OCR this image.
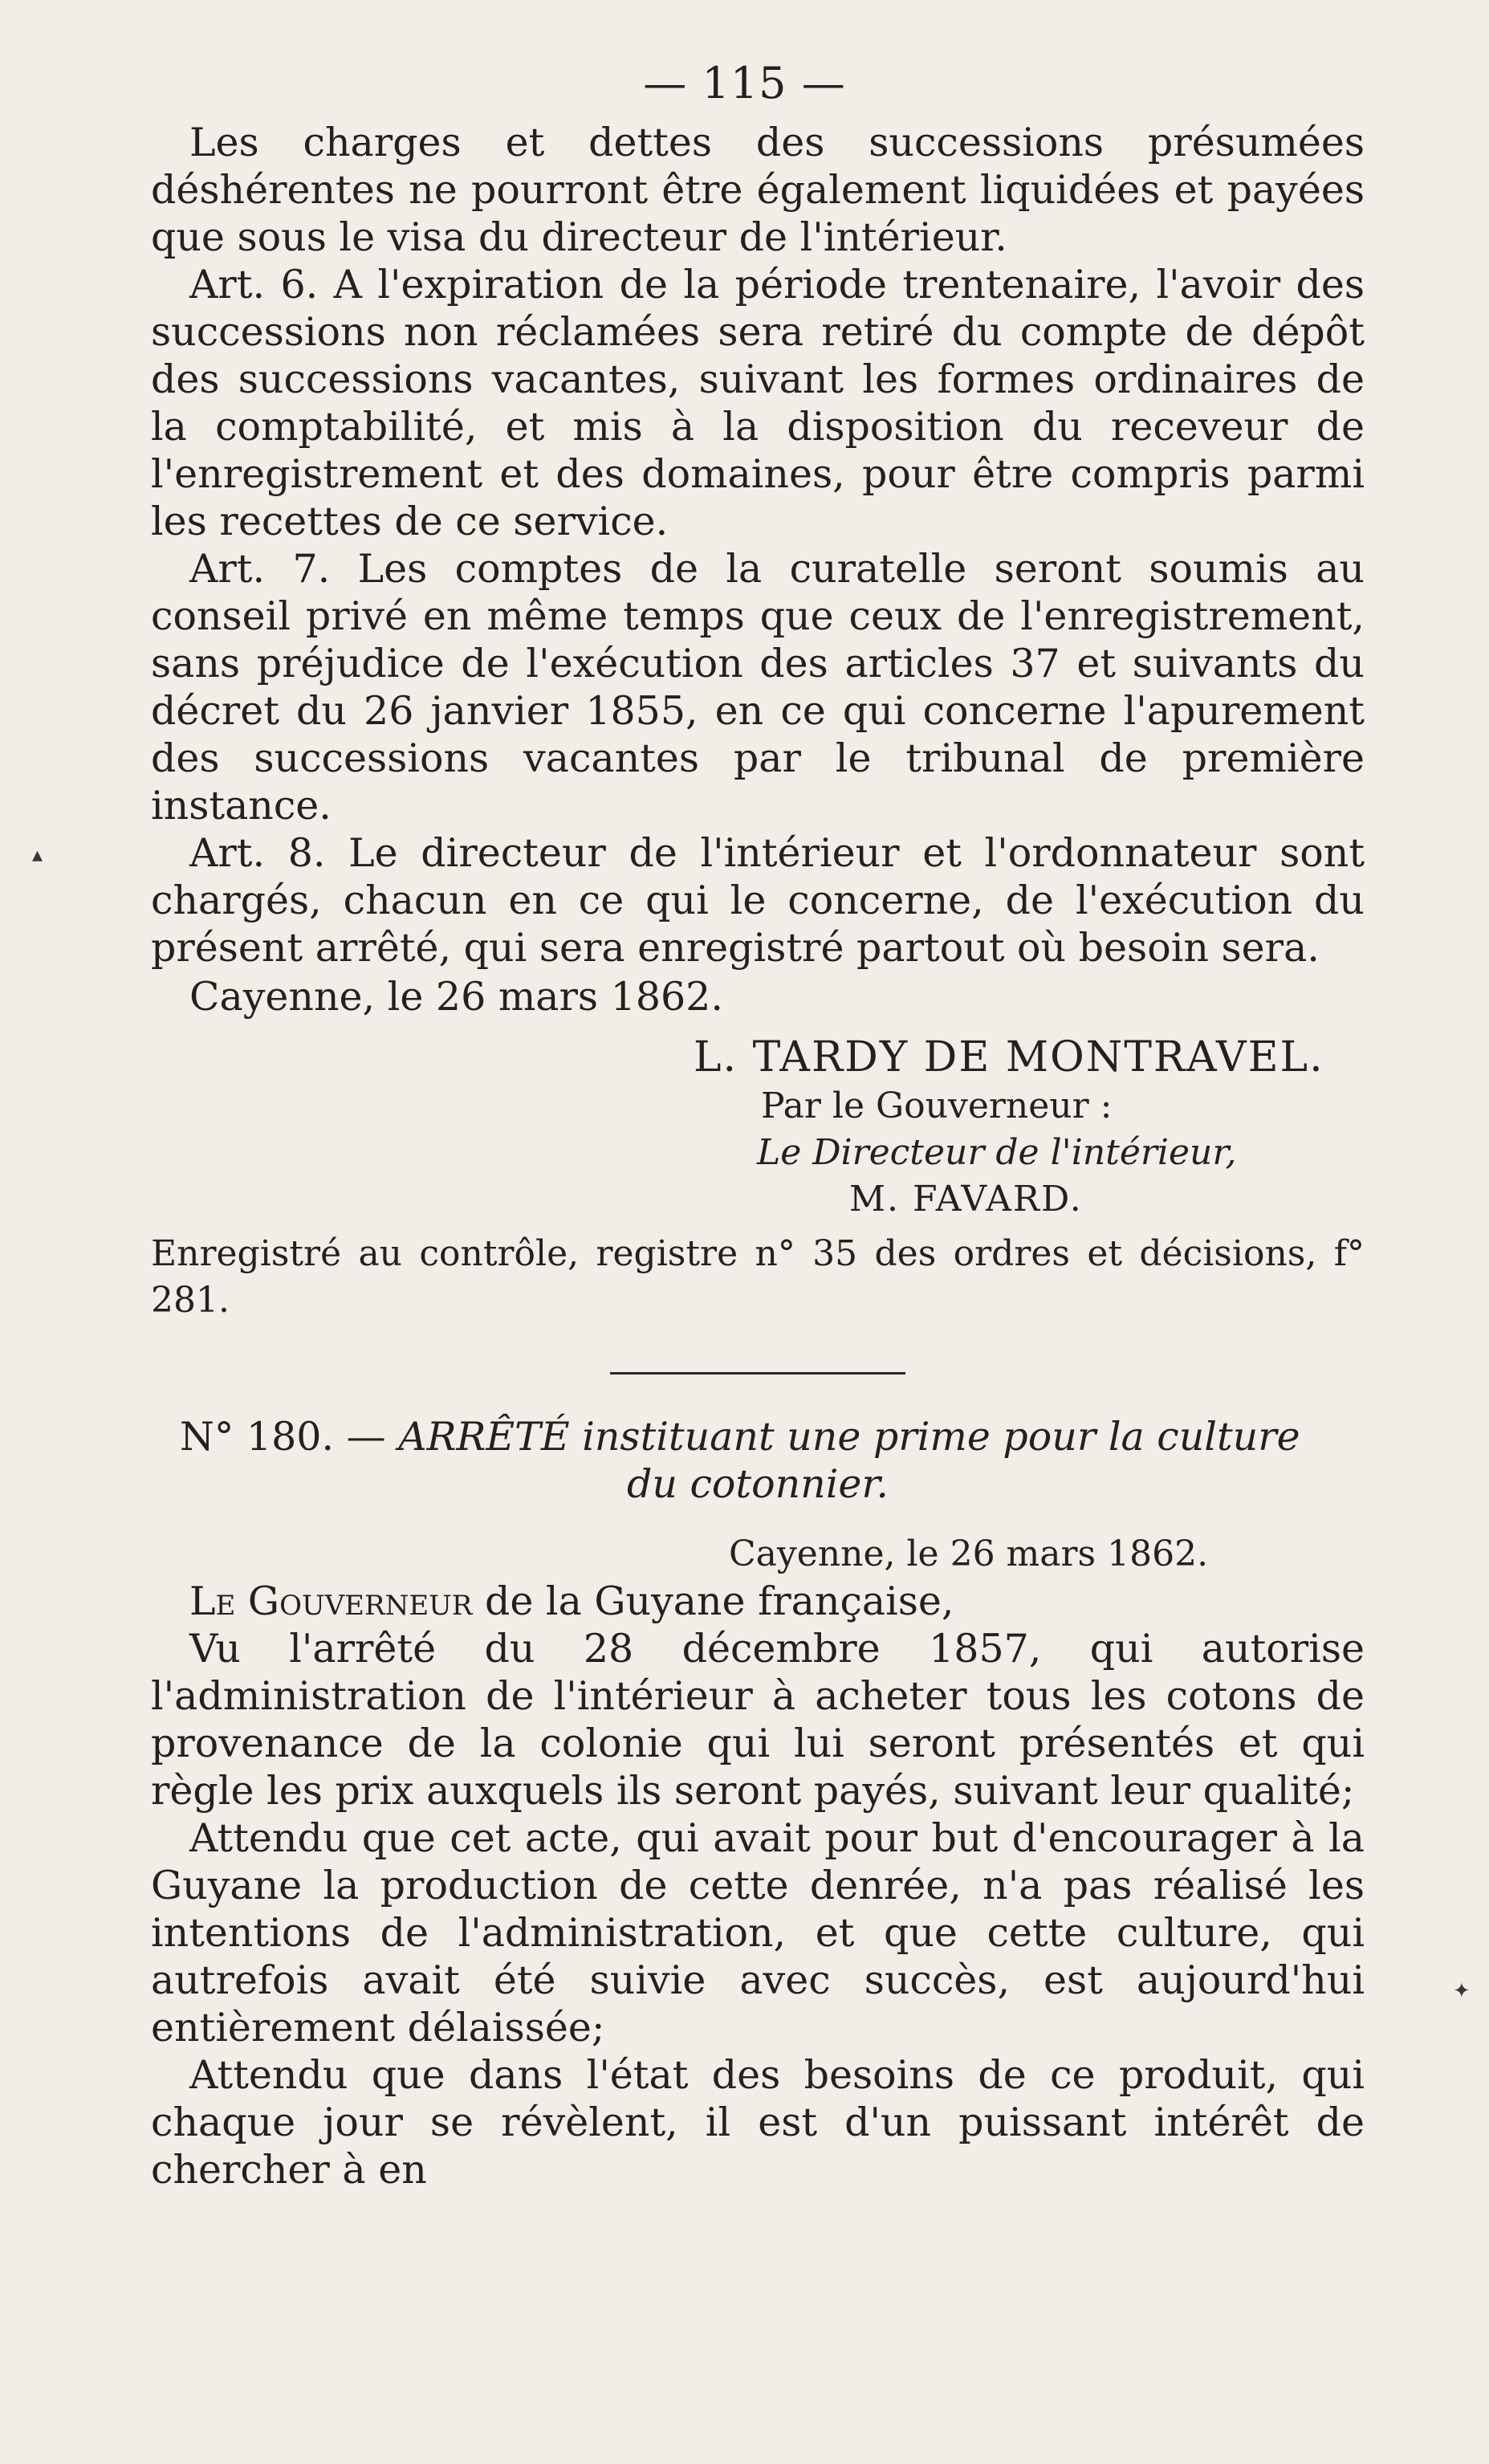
— 115 —

Les charges et dettes des successions présumées déshérentes ne pourront être également liquidées et payées que sous le visa du directeur de l'intérieur.

Art. 6. A l'expiration de la période trentenaire, l'avoir des successions non réclamées sera retiré du compte de dépôt des successions vacantes, suivant les formes ordinaires de la comptabilité, et mis à la disposition du receveur de l'enregistrement et des domaines, pour être compris parmi les recettes de ce service.

Art. 7. Les comptes de la curatelle seront soumis au conseil privé en même temps que ceux de l'enregistrement, sans préjudice de l'exécution des articles 37 et suivants du décret du 26 janvier 1855, en ce qui concerne l'apurement des successions vacantes par le tribunal de première instance.

Art. 8. Le directeur de l'intérieur et l'ordonnateur sont chargés, chacun en ce qui le concerne, de l'exécution du présent arrêté, qui sera enregistré partout où besoin sera.

Cayenne, le 26 mars 1862.

L. TARDY DE MONTRAVEL.

Par le Gouverneur :

Le Directeur de l'intérieur,

M. FAVARD.

Enregistré au contrôle, registre n° 35 des ordres et décisions, f° 281.

N° 180. — ARRÊTÉ instituant une prime pour la culture

du cotonnier.

Cayenne, le 26 mars 1862.

Le Gouverneur de la Guyane française,

Vu l'arrêté du 28 décembre 1857, qui autorise l'administration de l'intérieur à acheter tous les cotons de provenance de la colonie qui lui seront présentés et qui règle les prix auxquels ils seront payés, suivant leur qualité;

Attendu que cet acte, qui avait pour but d'encourager à la Guyane la production de cette denrée, n'a pas réalisé les intentions de l'administration, et que cette culture, qui autrefois avait été suivie avec succès, est aujourd'hui entièrement délaissée;

Attendu que dans l'état des besoins de ce produit, qui chaque jour se révèlent, il est d'un puissant intérêt de chercher à en

▴
✦
